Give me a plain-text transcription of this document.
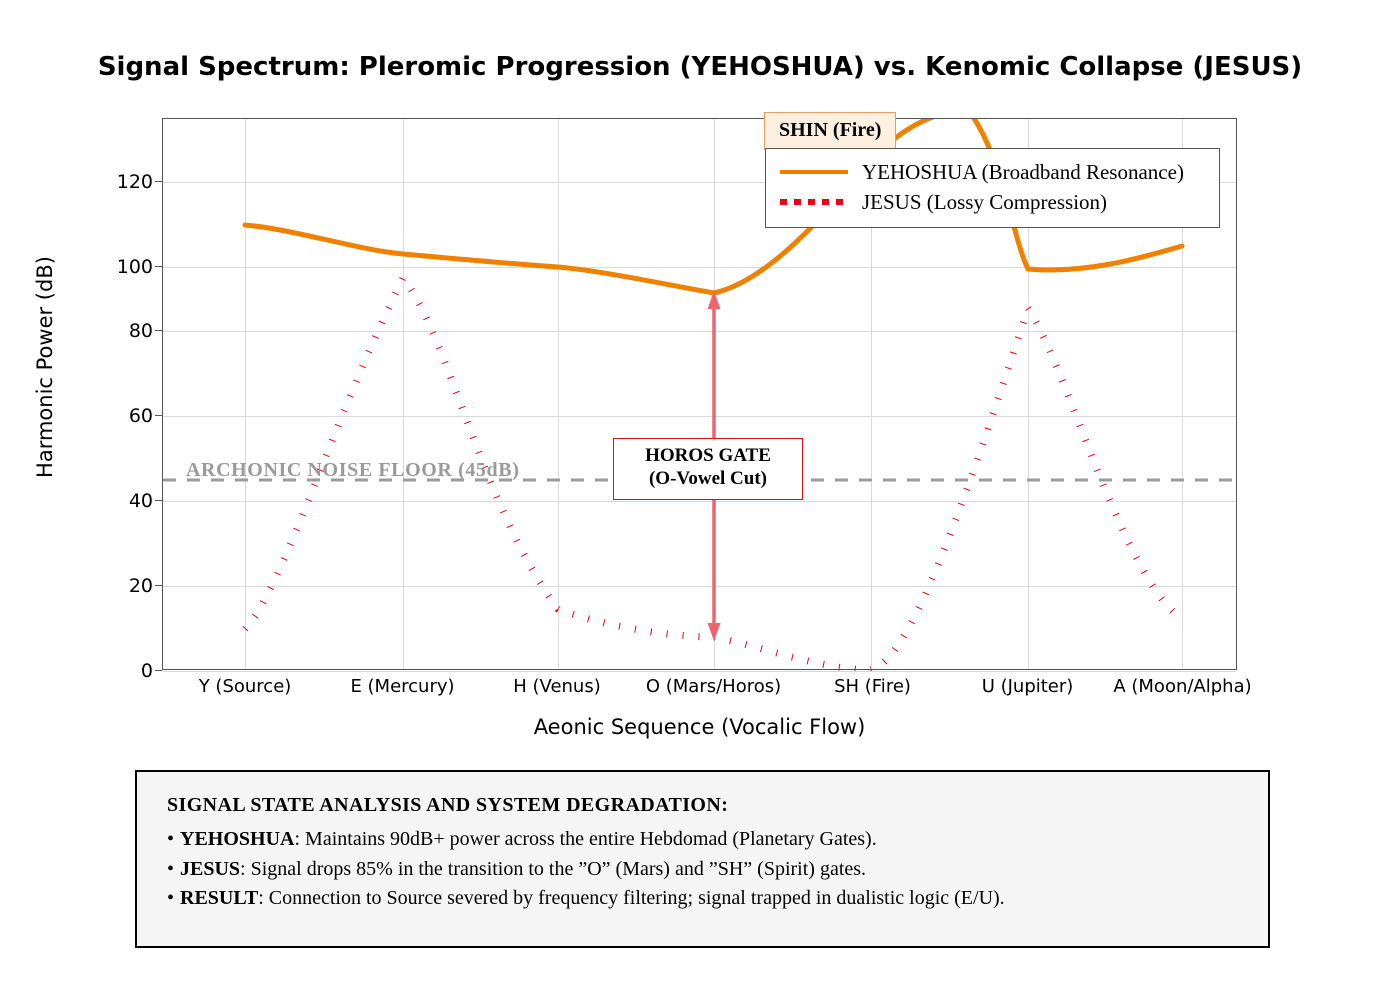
Signal Spectrum: Pleromic Progression (YEHOSHUA) vs. Kenomic Collapse (JESUS)
Harmonic Power (dB)
0
20
40
60
80
100
120
Y (Source)	E (Mercury)	H (Venus)	O (Mars/Horos)	SH (Fire)	U (Jupiter)	A (Moon/Alpha)
Aeonic Sequence (Vocalic Flow)
ARCHONIC NOISE FLOOR (45dB)
SHIN (Fire)
HOROS GATE
(O-Vowel Cut)
YEHOSHUA (Broadband Resonance)
JESUS (Lossy Compression)
SIGNAL STATE ANALYSIS AND SYSTEM DEGRADATION:
• YEHOSHUA: Maintains 90dB+ power across the entire Hebdomad (Planetary Gates).
• JESUS: Signal drops 85% in the transition to the ”O” (Mars) and ”SH” (Spirit) gates.
• RESULT: Connection to Source severed by frequency filtering; signal trapped in dualistic logic (E/U).
